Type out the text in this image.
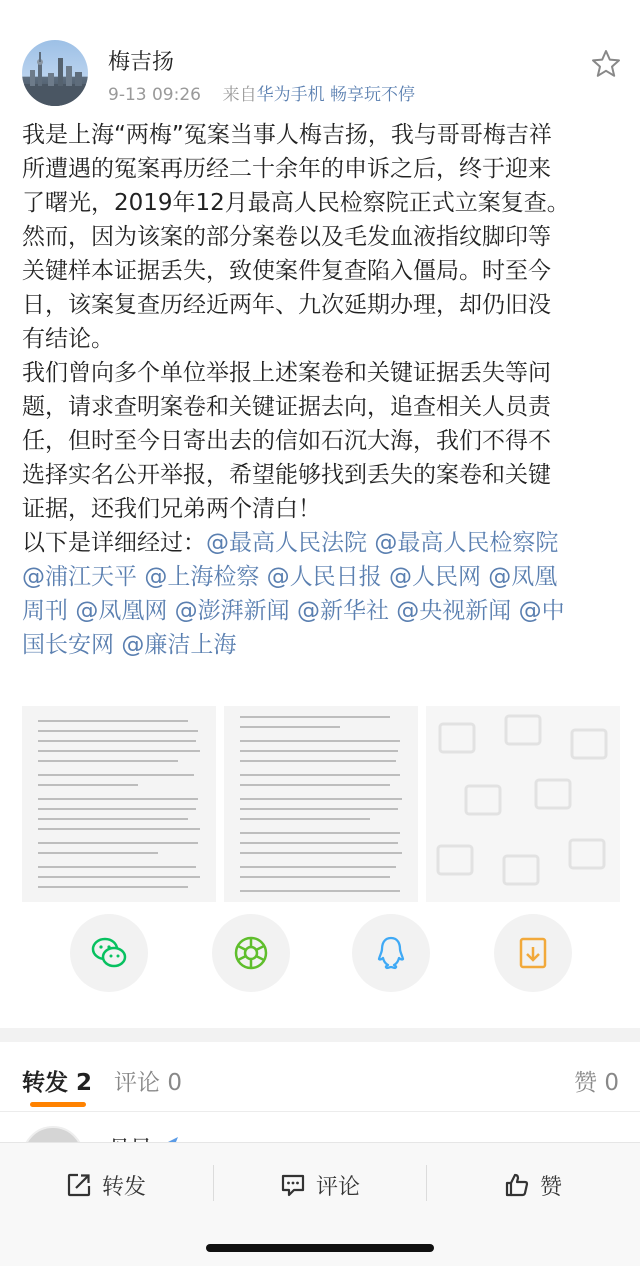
梅吉扬
9-13 09:26 来自华为手机 畅享玩不停

我是上海“两梅”冤案当事人梅吉扬，我与哥哥梅吉祥

所遭遇的冤案再历经二十余年的申诉之后，终于迎来

了曙光，2019年12月最高人民检察院正式立案复查。

然而，因为该案的部分案卷以及毛发血液指纹脚印等

关键样本证据丢失，致使案件复查陷入僵局。时至今

日，该案复查历经近两年、九次延期办理，却仍旧没

有结论。

我们曾向多个单位举报上述案卷和关键证据丢失等问

题，请求查明案卷和关键证据去向，追查相关人员责

任，但时至今日寄出去的信如石沉大海，我们不得不

选择实名公开举报，希望能够找到丢失的案卷和关键

证据，还我们兄弟两个清白！

以下是详细经过：@最高人民法院 @最高人民检察院

@浦江天平 @上海检察 @人民日报 @人民网 @凤凰

周刊 @凤凰网 @澎湃新闻 @新华社 @央视新闻 @中

国长安网 @廉洁上海

转发 2 评论 0	赞 0
转发	评论	赞
